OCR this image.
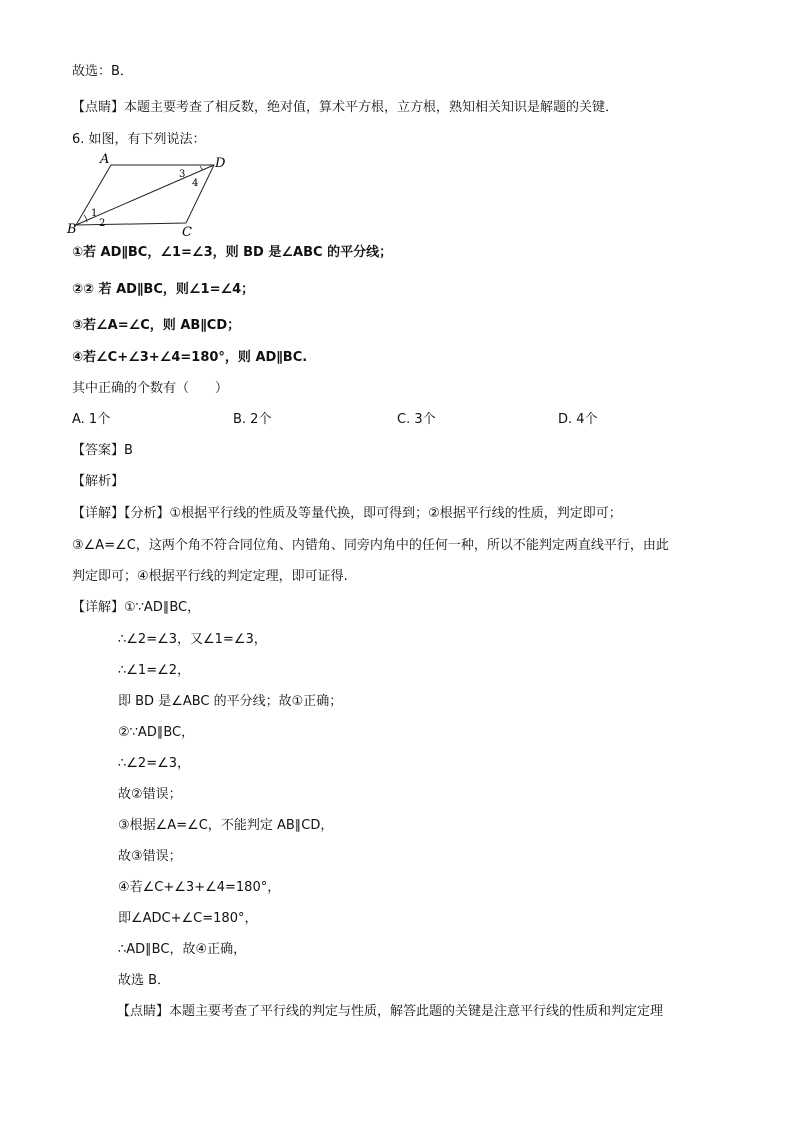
故选：B．
【点睛】本题主要考查了相反数，绝对值，算术平方根，立方根，熟知相关知识是解题的关键．
6. 如图，有下列说法：
A	D
B	C
1
2
3
4
①若 AD∥BC，∠1=∠3，则 BD 是∠ABC 的平分线；
②② 若 AD∥BC，则∠1=∠4；
③若∠A=∠C，则 AB∥CD；
④若∠C+∠3+∠4=180°，则 AD∥BC.
其中正确的个数有（　　）
A. 1个	B. 2个	C. 3个	D. 4个
【答案】B
【解析】
【详解】【分析】①根据平行线的性质及等量代换，即可得到；②根据平行线的性质，判定即可；
③∠A=∠C，这两个角不符合同位角、内错角、同旁内角中的任何一种，所以不能判定两直线平行，由此
判定即可；④根据平行线的判定定理，即可证得.
【详解】①∵AD∥BC，
∴∠2=∠3，又∠1=∠3，
∴∠1=∠2，
即 BD 是∠ABC 的平分线；故①正确；
②∵AD∥BC，
∴∠2=∠3，
故②错误；
③根据∠A=∠C，不能判定 AB∥CD，
故③错误；
④若∠C+∠3+∠4=180°，
即∠ADC+∠C=180°，
∴AD∥BC，故④正确，
故选 B．
【点睛】本题主要考查了平行线的判定与性质，解答此题的关键是注意平行线的性质和判定定理
